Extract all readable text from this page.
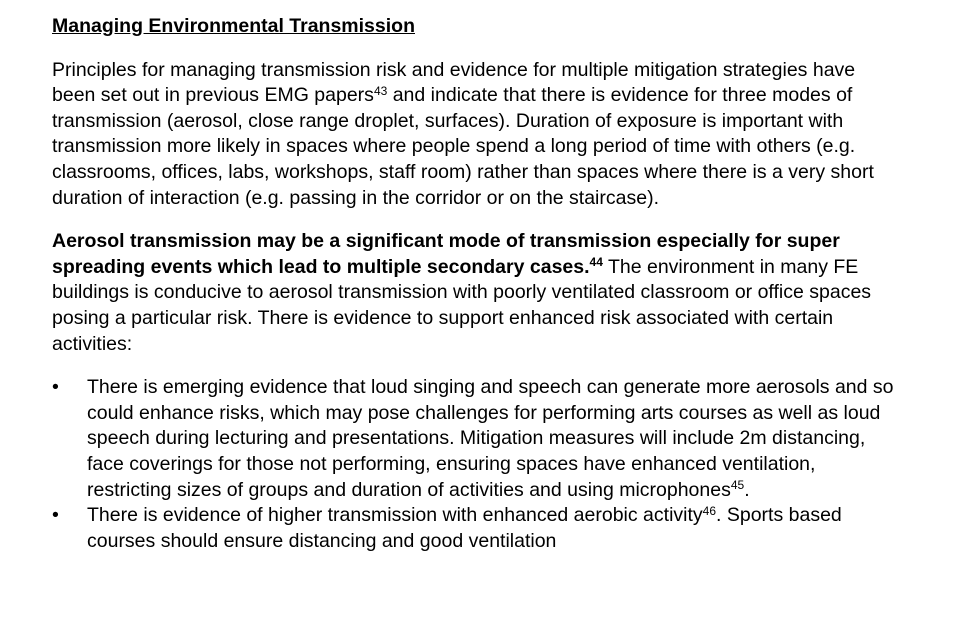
Managing Environmental Transmission
Principles for managing transmission risk and evidence for multiple mitigation strategies have been set out in previous EMG papers$^{43}$ and indicate that there is evidence for three modes of transmission (aerosol, close range droplet, surfaces). Duration of exposure is important with transmission more likely in spaces where people spend a long period of time with others (e.g. classrooms, offices, labs, workshops, staff room) rather than spaces where there is a very short duration of interaction (e.g. passing in the corridor or on the staircase).
Aerosol transmission may be a significant mode of transmission especially for super spreading events which lead to multiple secondary cases.$^{44}$ The environment in many FE buildings is conducive to aerosol transmission with poorly ventilated classroom or office spaces posing a particular risk. There is evidence to support enhanced risk associated with certain activities:
•	There is emerging evidence that loud singing and speech can generate more aerosols and so could enhance risks, which may pose challenges for performing arts courses as well as loud speech during lecturing and presentations. Mitigation measures will include 2m distancing, face coverings for those not performing, ensuring spaces have enhanced ventilation, restricting sizes of groups and duration of activities and using microphones$^{45}$.
•	There is evidence of higher transmission with enhanced aerobic activity$^{46}$. Sports based courses should ensure distancing and good ventilation
